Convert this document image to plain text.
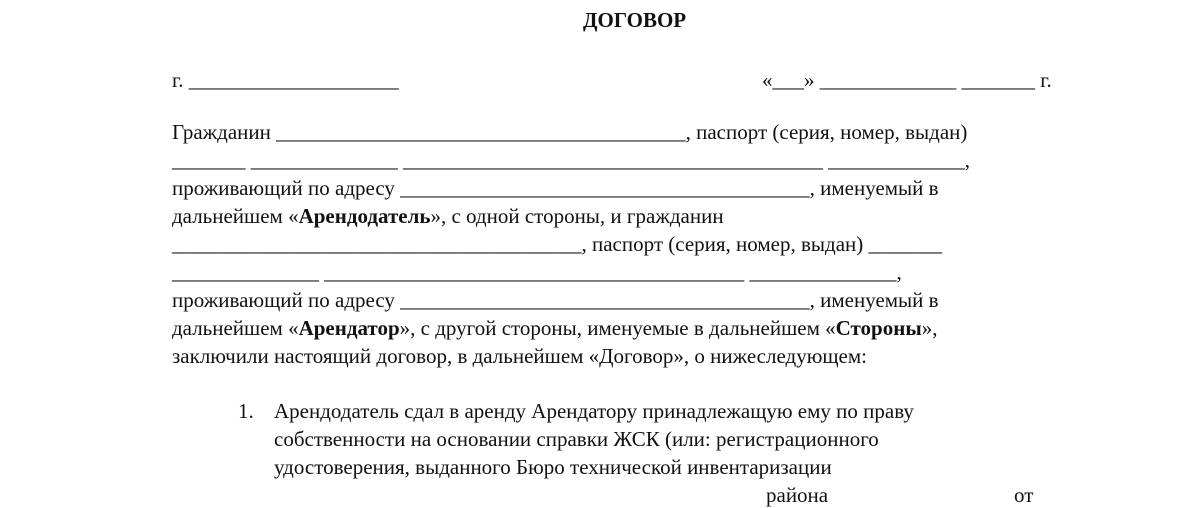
ДОГОВОР
г. ____________________	«___» _____________ _______ г.
Гражданин _______________________________________, паспорт (серия, номер, выдан)
_______ ______________ ________________________________________ _____________,
проживающий по адресу _______________________________________, именуемый в
дальнейшем «Арендодатель», с одной стороны, и гражданин
_______________________________________, паспорт (серия, номер, выдан) _______
______________ ________________________________________ ______________,
проживающий по адресу _______________________________________, именуемый в
дальнейшем «Арендатор», с другой стороны, именуемые в дальнейшем «Стороны»,
заключили настоящий договор, в дальнейшем «Договор», о нижеследующем:
1. Арендодатель сдал в аренду Арендатору принадлежащую ему по праву
собственности на основании справки ЖСК (или: регистрационного
удостоверения, выданного Бюро технической инвентаризации
района	от
